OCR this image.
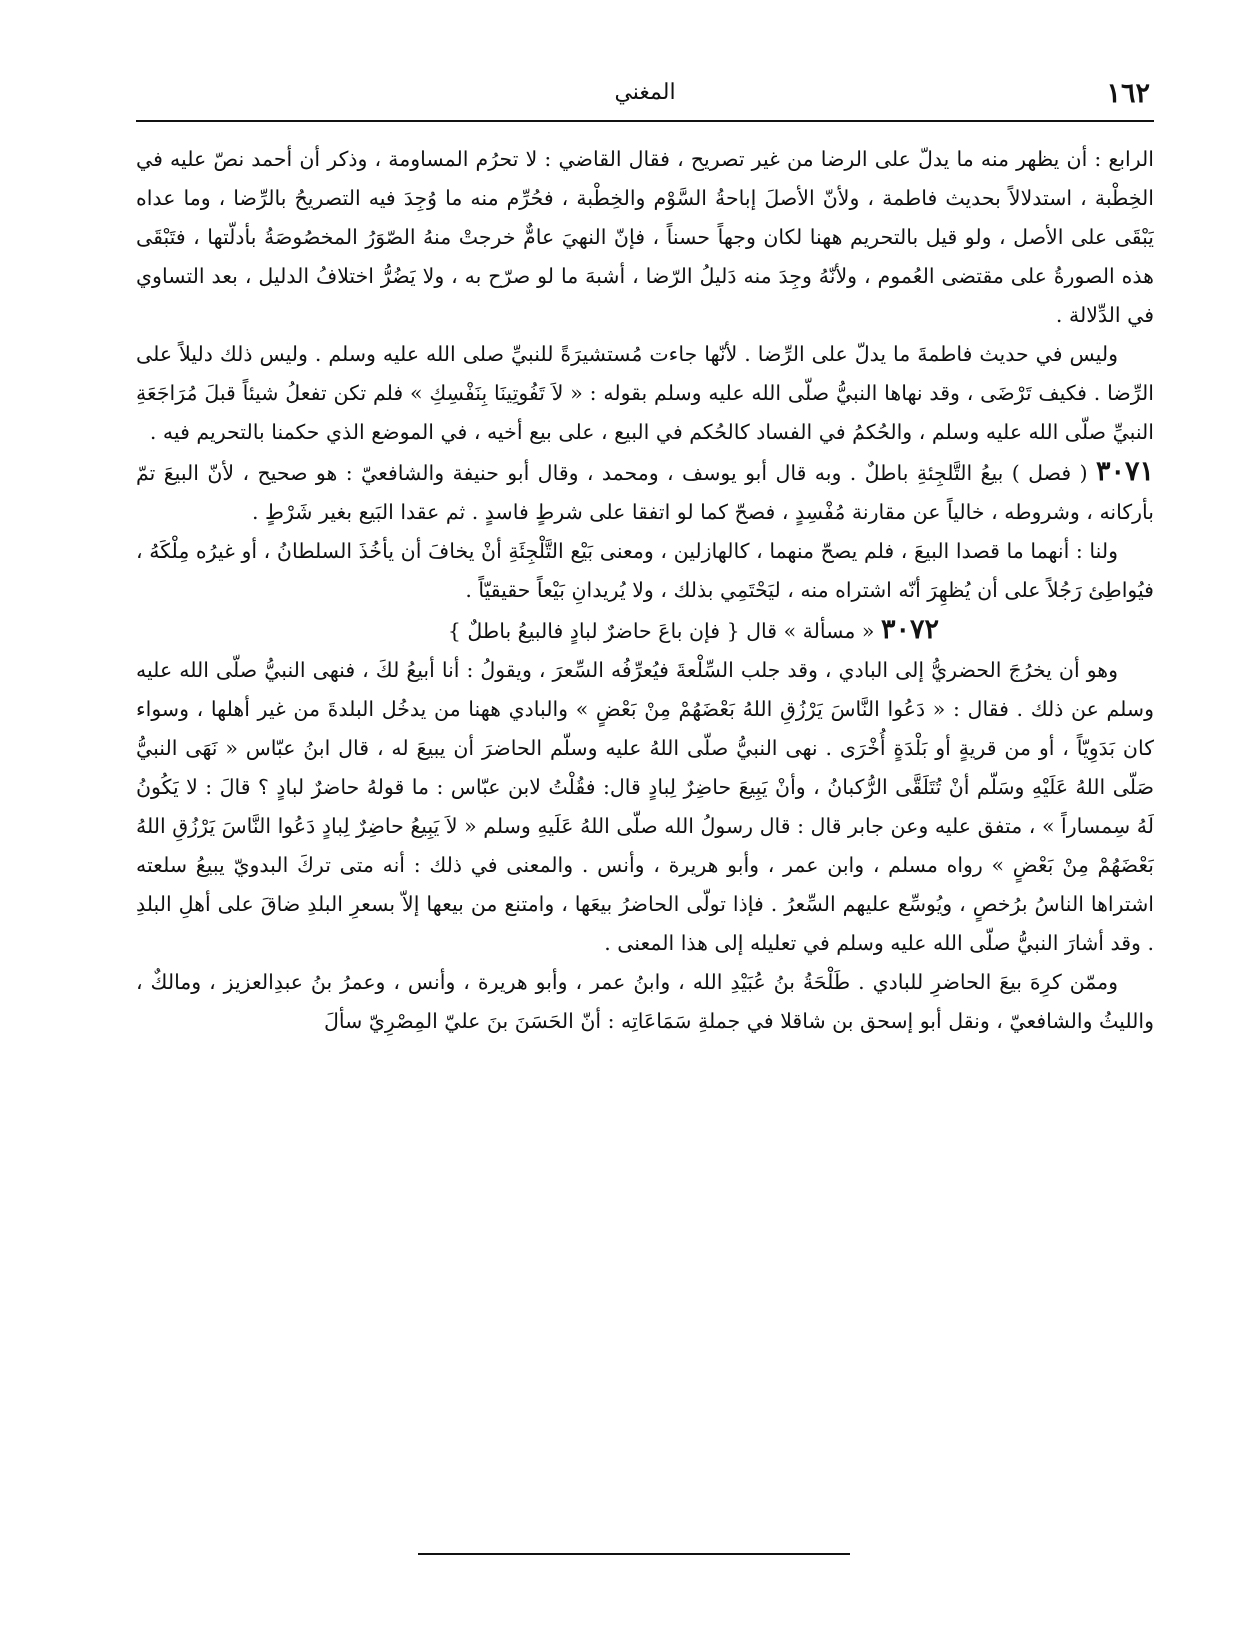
١٦٢
المغني

الرابع : أن يظهر منه ما يدلّ على الرضا من غير تصريح ، فقال القاضي : لا تحرُم المساومة ، وذكر أن أحمد نصّ عليه في الخِطْبة ، استدلالاً بحديث فاطمة ، ولأنّ الأصلَ إباحةُ السَّوْم والخِطْبة ، فحُرِّم منه ما وُجِدَ فيه التصريحُ بالرِّضا ، وما عداه يَبْقَى على الأصل ، ولو قيل بالتحريم ههنا لكان وجهاً حسناً ، فإنّ النهيَ عامٌّ خرجتْ منهُ الصّوَرُ المخصُوصَةُ بأدلّتها ، فتَبْقَى هذه الصورةُ على مقتضى العُموم ، ولأنّهُ وجِدَ منه دَليلُ الرّضا ، أشبهَ ما لو صرّح به ، ولا يَضُرُّ اختلافُ الدليل ، بعد التساوي في الدِّلالة .

وليس في حديث فاطمةَ ما يدلّ على الرِّضا . لأنّها جاءت مُستشيرَةً للنبيِّ صلى الله عليه وسلم . وليس ذلك دليلاً على الرِّضا . فكيف تَرْضَى ، وقد نهاها النبيُّ صلّى الله عليه وسلم بقوله : « لاَ تَفُوتِينَا بِنَفْسِكِ » فلم تكن تفعلُ شيئاً قبلَ مُرَاجَعَةِ النبيِّ صلّى الله عليه وسلم ، والحُكمُ في الفساد كالحُكم في البيع ، على بيع أخيه ، في الموضع الذي حكمنا بالتحريم فيه .

٣٠٧١ ( فصل ) بيعُ التَّلجِئةِ باطلٌ . وبه قال أبو يوسف ، ومحمد ، وقال أبو حنيفة والشافعيّ : هو صحيح ، لأنّ البيعَ تمّ بأركانه ، وشروطه ، خالياً عن مقارنة مُفْسِدٍ ، فصحّ كما لو اتفقا على شرطٍ فاسدٍ . ثم عقدا البَيع بغير شَرْطٍ .

ولنا : أنهما ما قصدا البيعَ ، فلم يصحّ منهما ، كالهازلين ، ومعنى بَيْع التَّلْجِئَةِ أنْ يخافَ أن يأخُذَ السلطانُ ، أو غيرُه مِلْكَهُ ، فيُواطِئ رَجُلاً على أن يُظهِرَ أنّه اشتراه منه ، ليَحْتَمِي بذلك ، ولا يُريدانِ بَيْعاً حقيقيّاً .

٣٠٧٢ « مسألة » قال { فإن باعَ حاضرٌ لبادٍ فالبيعُ باطلٌ }

وهو أن يخرُجَ الحضريُّ إلى البادي ، وقد جلب السِّلْعةَ فيُعرِّفُه السِّعرَ ، ويقولُ : أنا أبيعُ لكَ ، فنهى النبيُّ صلّى الله عليه وسلم عن ذلك . فقال : « دَعُوا النَّاسَ يَرْزُقِ اللهُ بَعْضَهُمْ مِنْ بَعْضٍ » والبادي ههنا من يدخُل البلدةَ من غير أهلها ، وسواء كان بَدَوِيّاً ، أو من قريةٍ أو بَلْدَةٍ أُخْرَى . نهى النبيُّ صلّى اللهُ عليه وسلّم الحاضرَ أن يبيعَ له ، قال ابنُ عبّاس « نَهَى النبيُّ صَلّى اللهُ عَلَيْهِ وسَلّم أنْ تُتَلَقَّى الرُّكبانُ ، وأنْ يَبِيعَ حاضِرٌ لِبادٍ قال: فقُلْتُ لابن عبّاس : ما قولهُ حاضرٌ لبادٍ ؟ قالَ : لا يَكُونُ لَهُ سِمساراً » ، متفق عليه وعن جابر قال : قال رسولُ الله صلّى اللهُ عَلَيهِ وسلم « لاَ يَبِيعُ حاضِرٌ لِبادٍ دَعُوا النَّاسَ يَرْزُقِ اللهُ بَعْضَهُمْ مِنْ بَعْضٍ » رواه مسلم ، وابن عمر ، وأبو هريرة ، وأنس . والمعنى في ذلك : أنه متى تركَ البدويّ يبيعُ سلعته اشتراها الناسُ برُخصٍ ، ويُوسِّع عليهم السِّعرُ . فإذا تولّى الحاضرُ بيعَها ، وامتنع من بيعها إلاّ بسعرِ البلدِ ضاقَ على أهلِ البلدِ . وقد أشارَ النبيُّ صلّى الله عليه وسلم في تعليله إلى هذا المعنى .

وممّن كرِهَ بيعَ الحاضرِ للبادي . طَلْحَةُ بنُ عُبَيْدِ الله ، وابنُ عمر ، وأبو هريرة ، وأنس ، وعمرُ بنُ عبدِالعزيز ، ومالكٌ ، والليثُ والشافعيّ ، ونقل أبو إسحق بن شاقلا في جملةِ سَمَاعَاتِه : أنّ الحَسَنَ بنَ عليّ المِصْرِيّ سألَ
